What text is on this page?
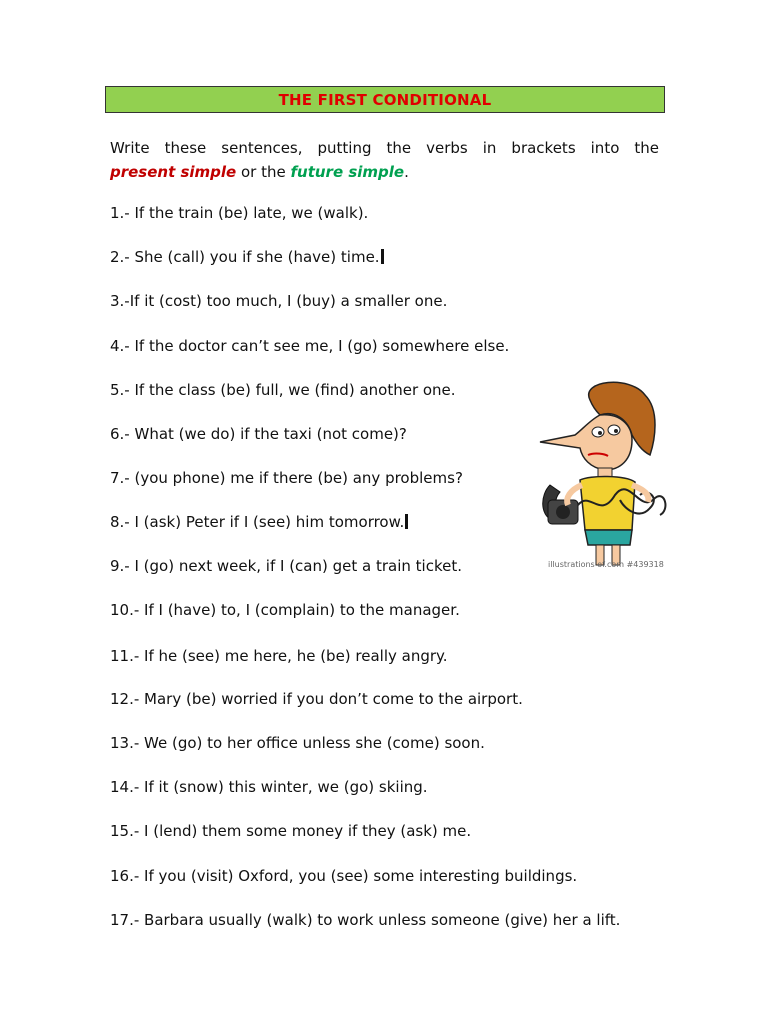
THE FIRST CONDITIONAL
Write these sentences, putting the verbs in brackets into the
present simple or the future simple.
1.- If the train (be) late, we (walk).
2.- She (call) you if she (have) time.
3.-If it (cost) too much, I (buy) a smaller one.
4.- If the doctor can’t see me, I (go) somewhere else.
5.- If the class (be) full, we (find) another one.
6.- What (we do) if the taxi (not come)?
7.- (you phone) me if there (be) any problems?
8.- I (ask) Peter if I (see) him tomorrow.
9.- I (go) next week, if I (can) get a train ticket.
10.- If I (have) to, I (complain) to the manager.
11.- If he (see) me here, he (be) really angry.
12.- Mary (be) worried if you don’t come to the airport.
13.- We (go) to her office unless she (come) soon.
14.- If it (snow) this winter, we (go) skiing.
15.- I (lend) them some money if they (ask) me.
16.- If you (visit) Oxford, you (see) some interesting buildings.
17.- Barbara usually (walk) to work unless someone (give) her a lift.
illustrations of.com #439318
